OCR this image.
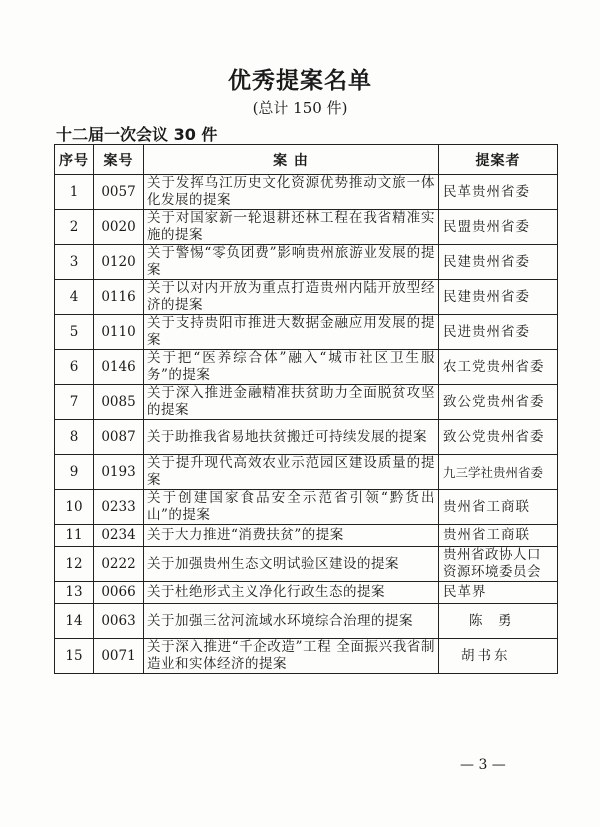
优秀提案名单
(总计 150 件)
十二届一次会议 30 件
序号	案号	案 由	提案者
1	0057	关于发挥乌江历史文化资源优势推动文旅一体化发展的提案	民革贵州省委
2	0020	关于对国家新一轮退耕还林工程在我省精准实施的提案	民盟贵州省委
3	0120	关于警惕“零负团费”影响贵州旅游业发展的提案	民建贵州省委
4	0116	关于以对内开放为重点打造贵州内陆开放型经济的提案	民建贵州省委
5	0110	关于支持贵阳市推进大数据金融应用发展的提案	民进贵州省委
6	0146	关于把“医养综合体”融入“城市社区卫生服务”的提案	农工党贵州省委
7	0085	关于深入推进金融精准扶贫助力全面脱贫攻坚的提案	致公党贵州省委
8	0087	关于助推我省易地扶贫搬迁可持续发展的提案	致公党贵州省委
9	0193	关于提升现代高效农业示范园区建设质量的提案	九三学社贵州省委
10	0233	关于创建国家食品安全示范省引领“黔货出山”的提案	贵州省工商联
11	0234	关于大力推进“消费扶贫”的提案	贵州省工商联
12	0222	关于加强贵州生态文明试验区建设的提案	贵州省政协人口资源环境委员会
13	0066	关于杜绝形式主义净化行政生态的提案	民革界
14	0063	关于加强三岔河流域水环境综合治理的提案	陈　勇
15	0071	关于深入推进“千企改造”工程 全面振兴我省制造业和实体经济的提案	胡书东
— 3 —
